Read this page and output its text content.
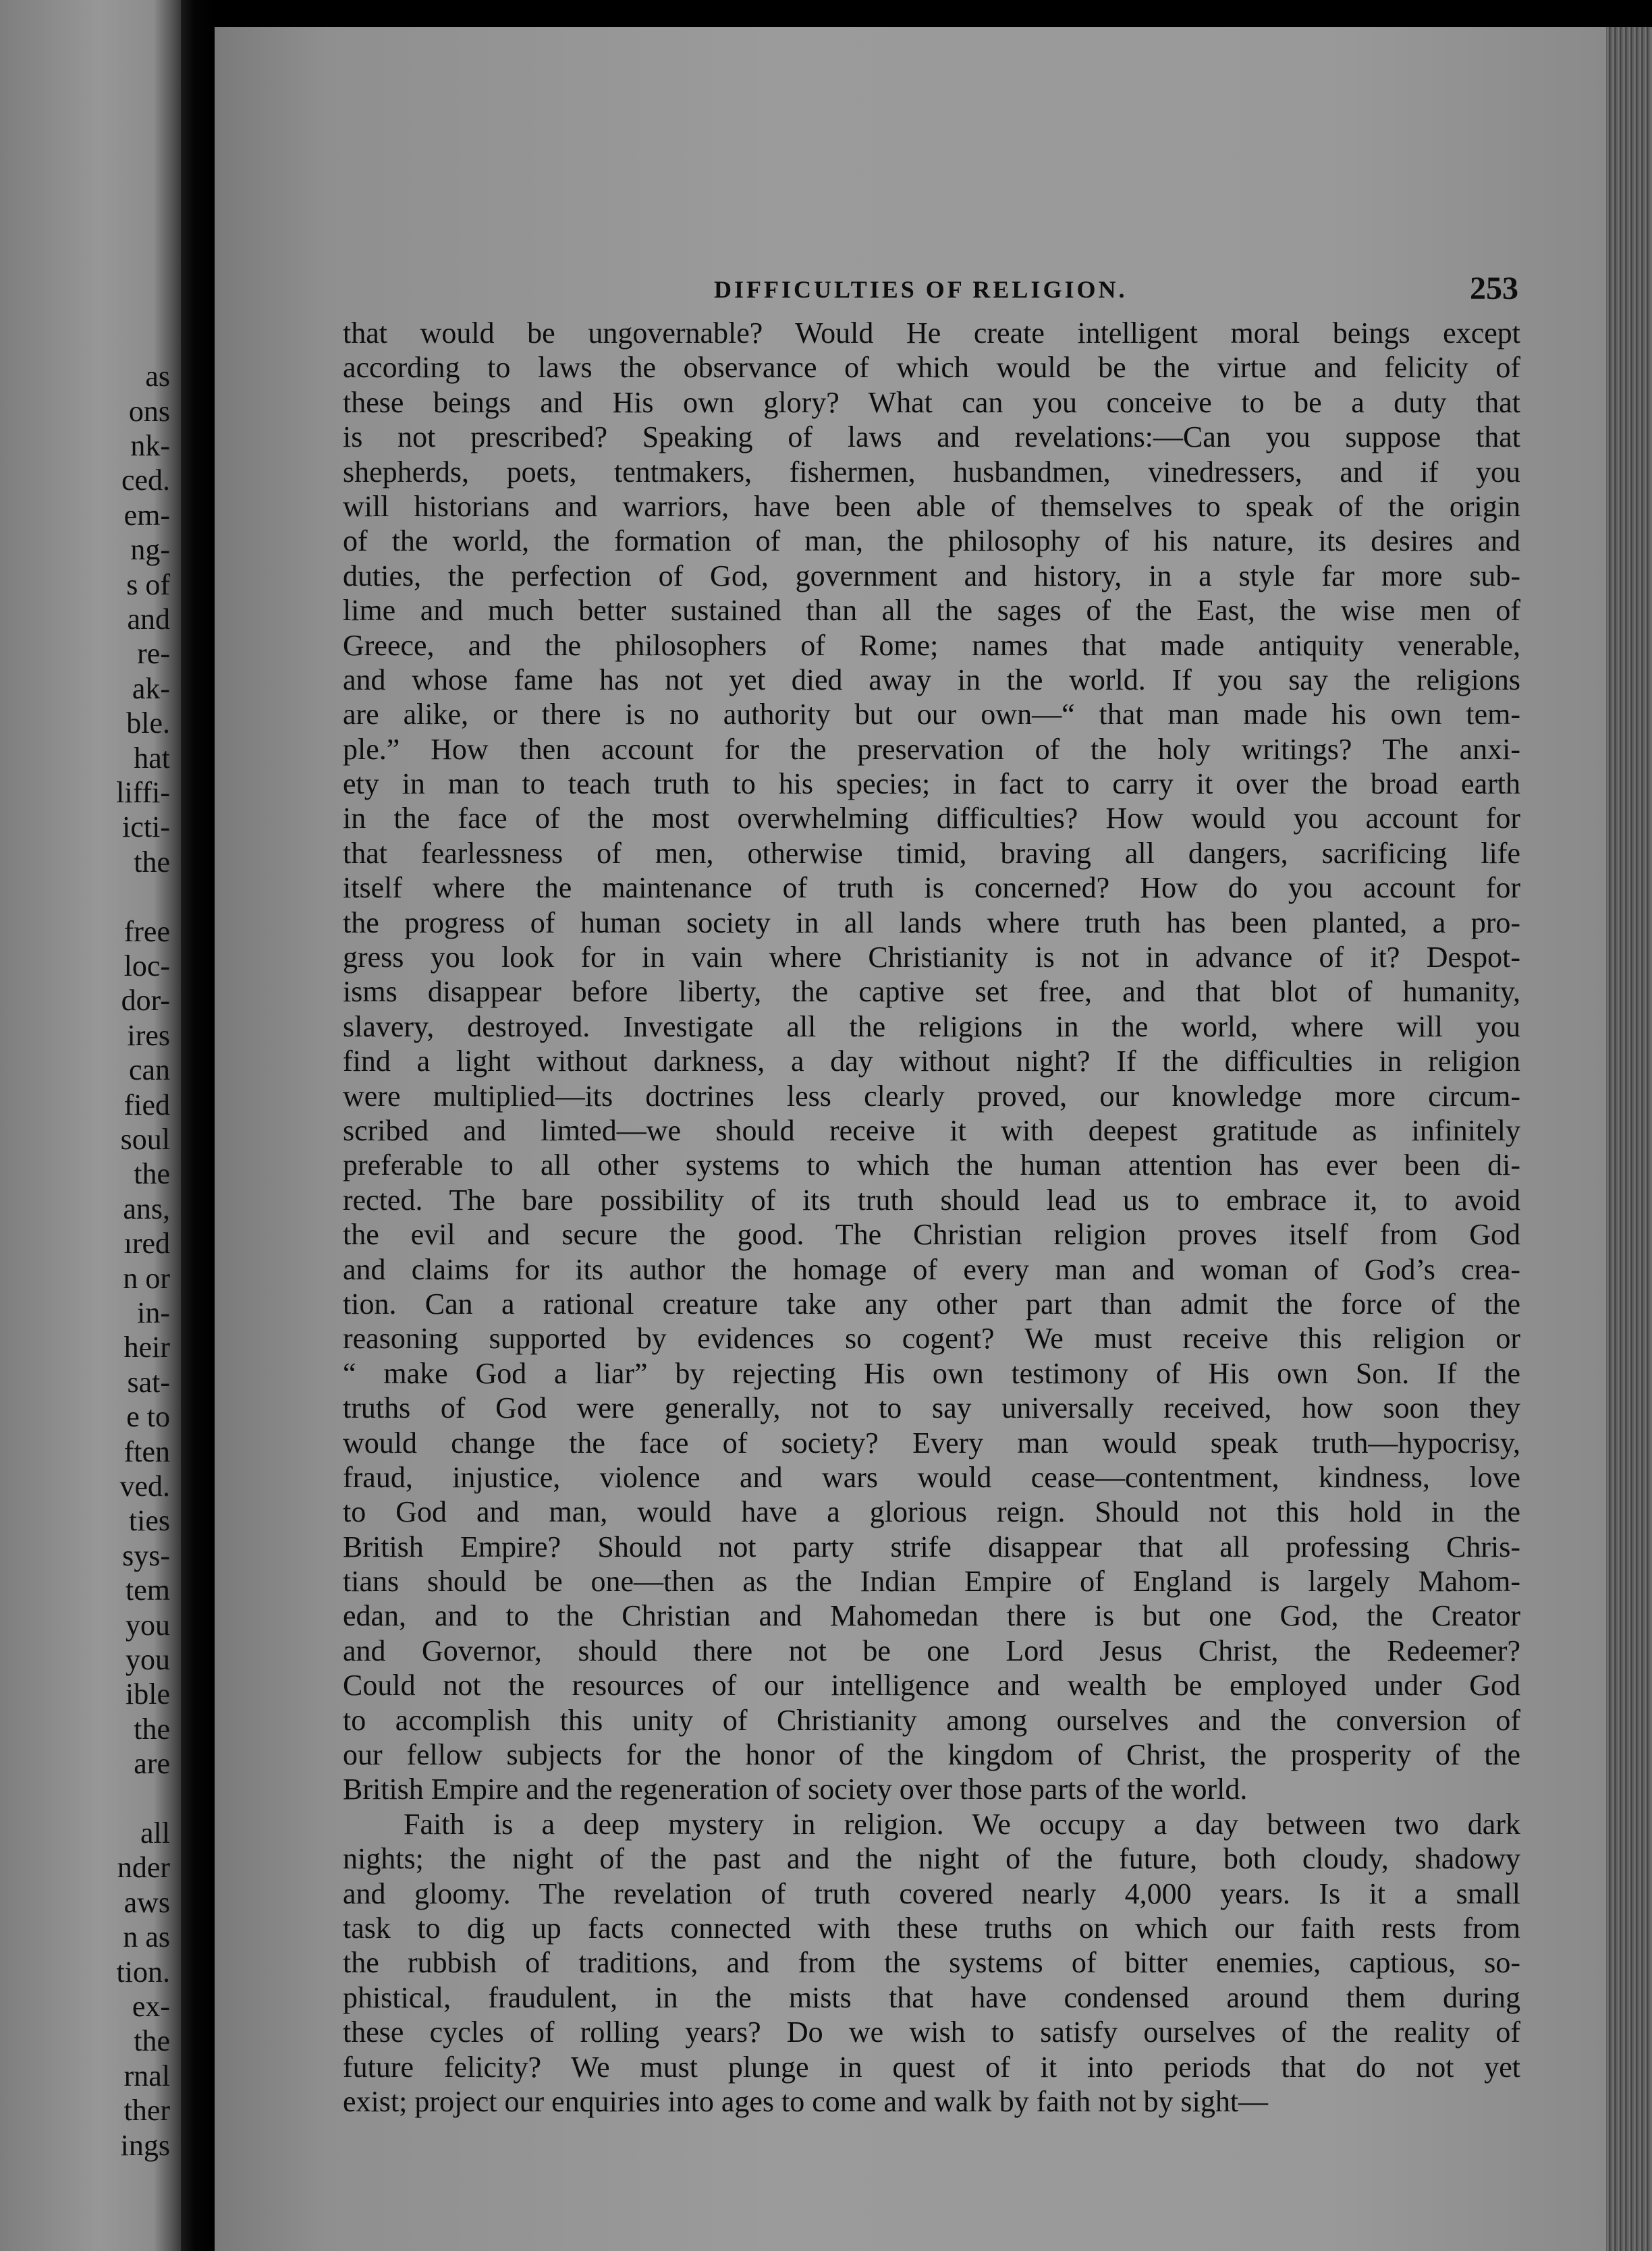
as
ons
nk-
ced.
em-
ng-
s of
and
re-
ak-
ble.
hat
liffi-
icti-
the
free
loc-
dor-
ires
can
fied
soul
the
ans,
ıred
n or
in-
heir
sat-
e to
ften
ved.
ties
sys-
tem
you
you
ible
the
are
all
nder
aws
n as
tion.
ex-
the
rnal
ther
ings
DIFFICULTIES OF RELIGION.	253
that would be ungovernable? Would He create intelligent moral beings except
according to laws the observance of which would be the virtue and felicity of
these beings and His own glory? What can you conceive to be a duty that
is not prescribed? Speaking of laws and revelations:—Can you suppose that
shepherds, poets, tentmakers, fishermen, husbandmen, vinedressers, and if you
will historians and warriors, have been able of themselves to speak of the origin
of the world, the formation of man, the philosophy of his nature, its desires and
duties, the perfection of God, government and history, in a style far more sub-
lime and much better sustained than all the sages of the East, the wise men of
Greece, and the philosophers of Rome; names that made antiquity venerable,
and whose fame has not yet died away in the world. If you say the religions
are alike, or there is no authority but our own—“ that man made his own tem-
ple.” How then account for the preservation of the holy writings? The anxi-
ety in man to teach truth to his species; in fact to carry it over the broad earth
in the face of the most overwhelming difficulties? How would you account for
that fearlessness of men, otherwise timid, braving all dangers, sacrificing life
itself where the maintenance of truth is concerned? How do you account for
the progress of human society in all lands where truth has been planted, a pro-
gress you look for in vain where Christianity is not in advance of it? Despot-
isms disappear before liberty, the captive set free, and that blot of humanity,
slavery, destroyed. Investigate all the religions in the world, where will you
find a light without darkness, a day without night? If the difficulties in religion
were multiplied—its doctrines less clearly proved, our knowledge more circum-
scribed and limted—we should receive it with deepest gratitude as infinitely
preferable to all other systems to which the human attention has ever been di-
rected. The bare possibility of its truth should lead us to embrace it, to avoid
the evil and secure the good. The Christian religion proves itself from God
and claims for its author the homage of every man and woman of God’s crea-
tion. Can a rational creature take any other part than admit the force of the
reasoning supported by evidences so cogent? We must receive this religion or
“ make God a liar” by rejecting His own testimony of His own Son. If the
truths of God were generally, not to say universally received, how soon they
would change the face of society? Every man would speak truth—hypocrisy,
fraud, injustice, violence and wars would cease—contentment, kindness, love
to God and man, would have a glorious reign. Should not this hold in the
British Empire? Should not party strife disappear that all professing Chris-
tians should be one—then as the Indian Empire of England is largely Mahom-
edan, and to the Christian and Mahomedan there is but one God, the Creator
and Governor, should there not be one Lord Jesus Christ, the Redeemer?
Could not the resources of our intelligence and wealth be employed under God
to accomplish this unity of Christianity among ourselves and the conversion of
our fellow subjects for the honor of the kingdom of Christ, the prosperity of the
British Empire and the regeneration of society over those parts of the world.
Faith is a deep mystery in religion. We occupy a day between two dark
nights; the night of the past and the night of the future, both cloudy, shadowy
and gloomy. The revelation of truth covered nearly 4,000 years. Is it a small
task to dig up facts connected with these truths on which our faith rests from
the rubbish of traditions, and from the systems of bitter enemies, captious, so-
phistical, fraudulent, in the mists that have condensed around them during
these cycles of rolling years? Do we wish to satisfy ourselves of the reality of
future felicity? We must plunge in quest of it into periods that do not yet
exist; project our enquiries into ages to come and walk by faith not by sight—
